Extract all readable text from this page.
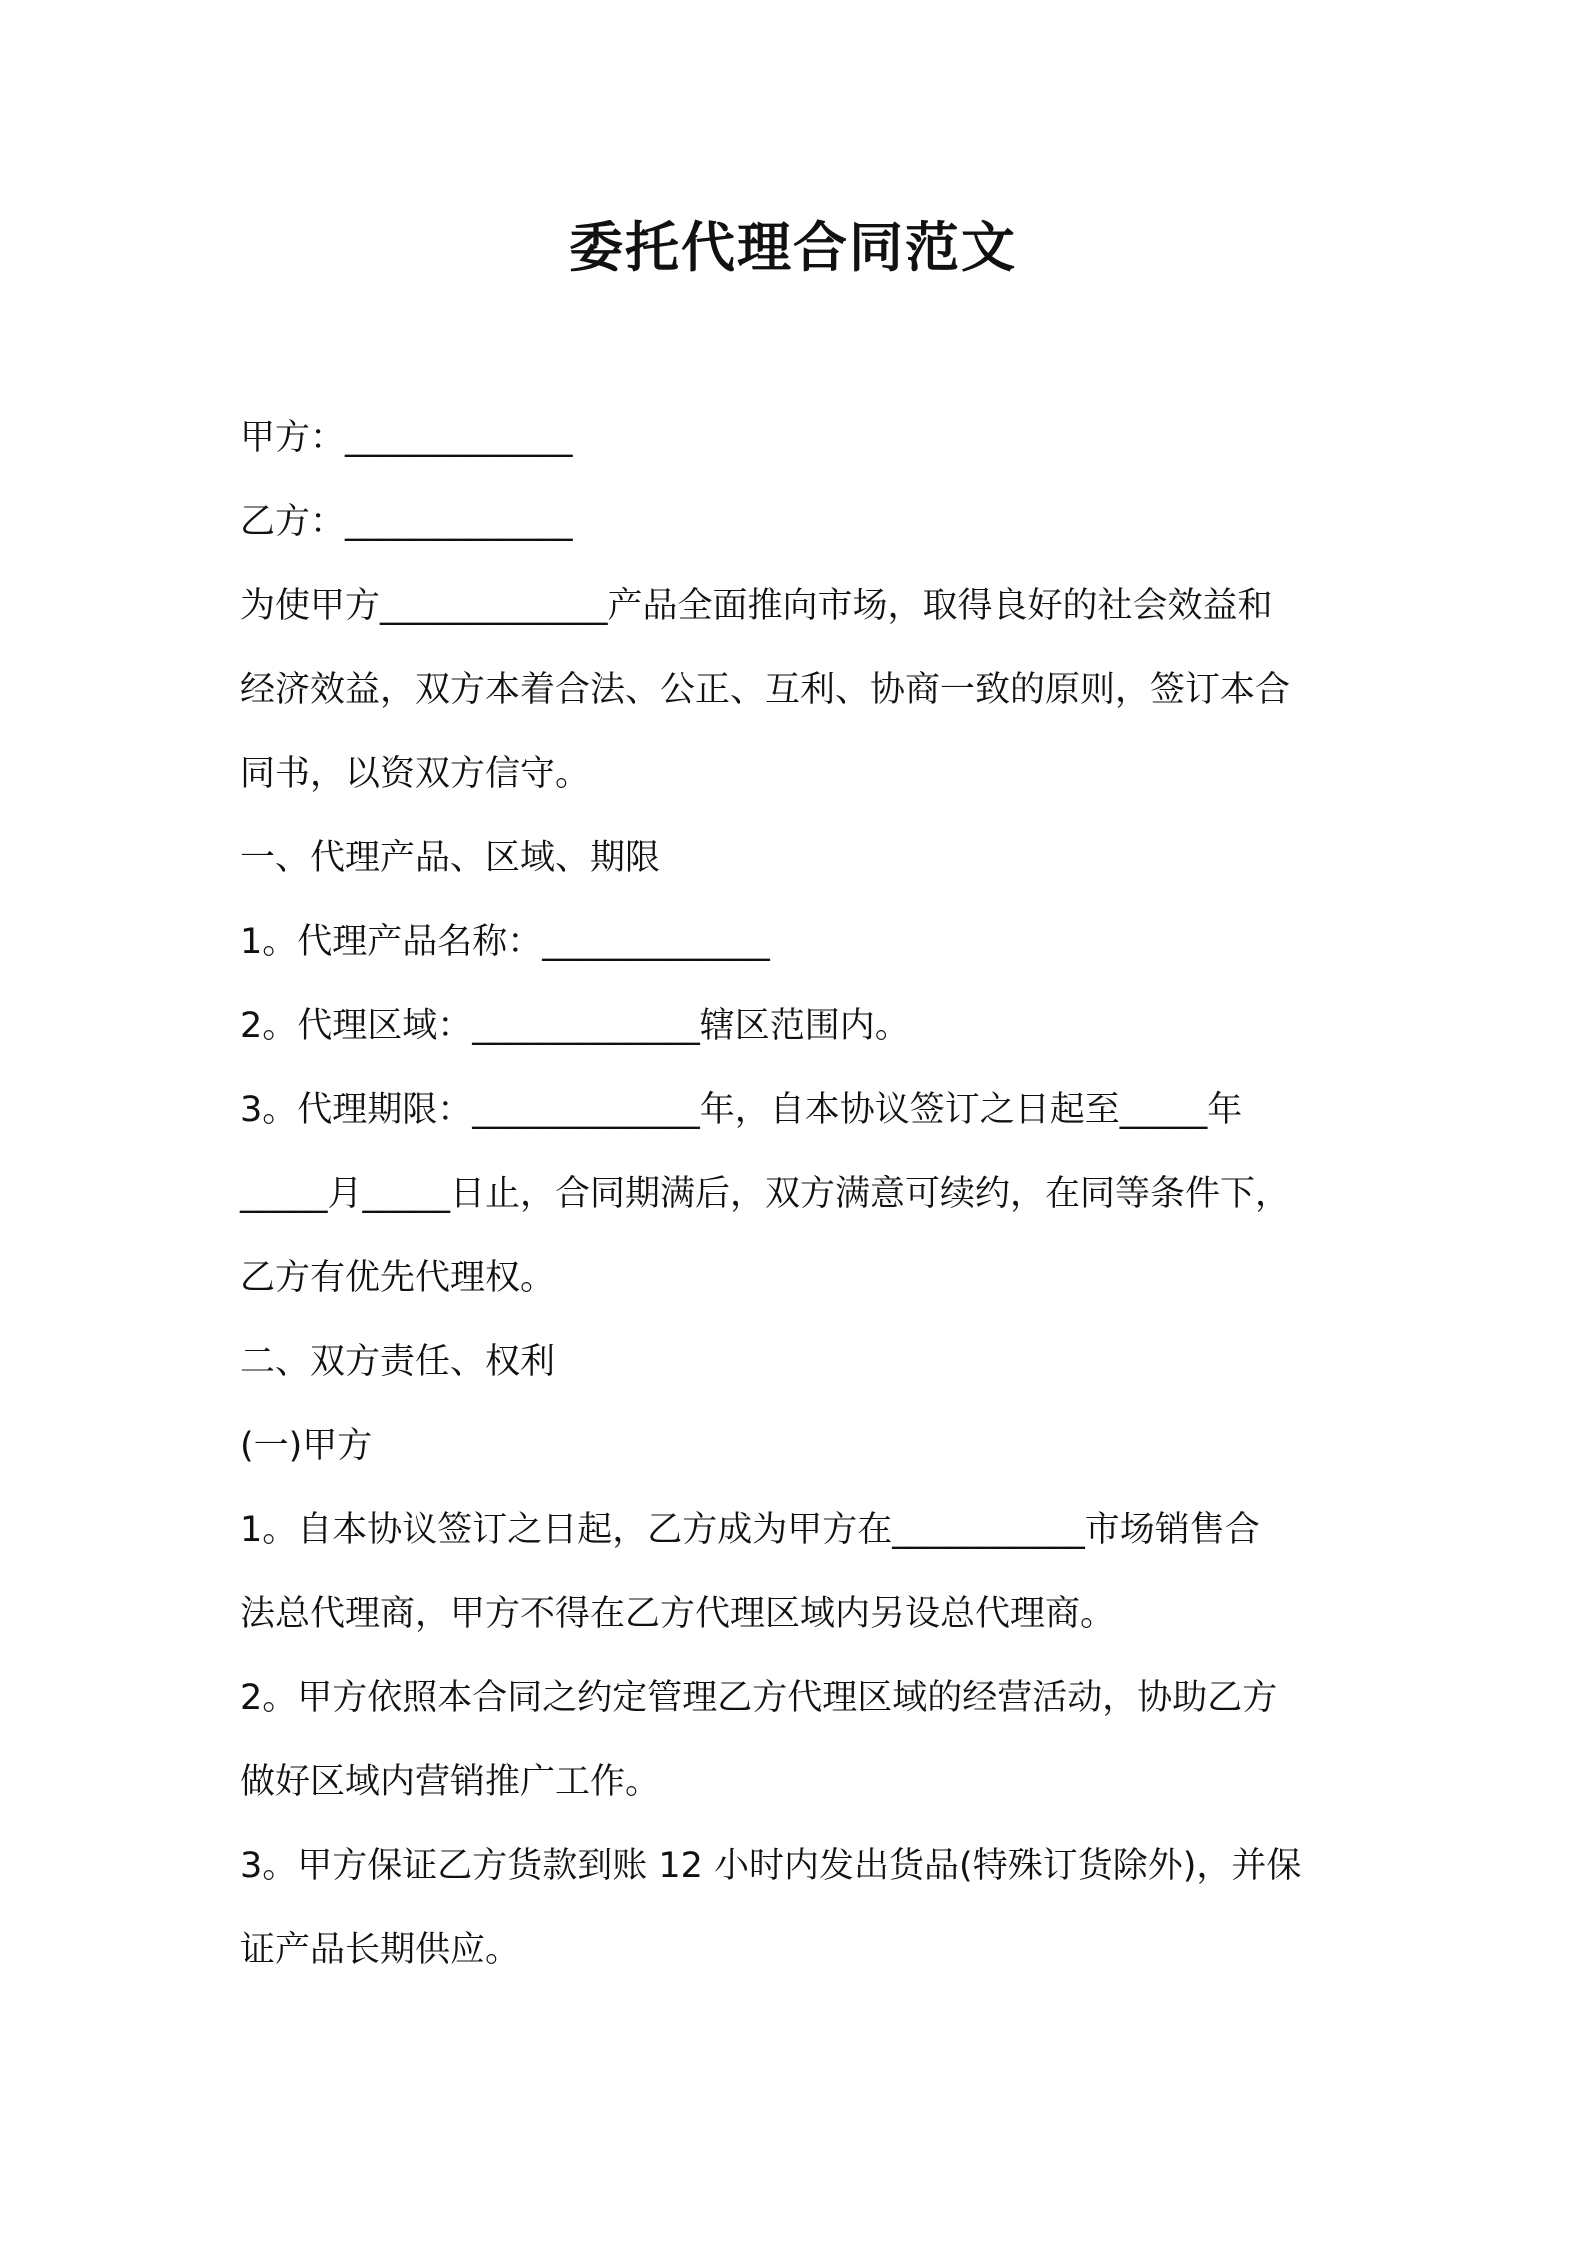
委托代理合同范文

甲方：_____________

乙方：_____________

为使甲方_____________产品全面推向市场，取得良好的社会效益和

经济效益，双方本着合法、公正、互利、协商一致的原则，签订本合

同书，以资双方信守。

一、代理产品、区域、期限

1。代理产品名称：_____________

2。代理区域：_____________辖区范围内。

3。代理期限：_____________年，自本协议签订之日起至_____年

_____月_____日止，合同期满后，双方满意可续约，在同等条件下，

乙方有优先代理权。

二、双方责任、权利

(一)甲方

1。自本协议签订之日起，乙方成为甲方在___________市场销售合

法总代理商，甲方不得在乙方代理区域内另设总代理商。

2。甲方依照本合同之约定管理乙方代理区域的经营活动，协助乙方

做好区域内营销推广工作。

3。甲方保证乙方货款到账 12 小时内发出货品(特殊订货除外)，并保

证产品长期供应。
